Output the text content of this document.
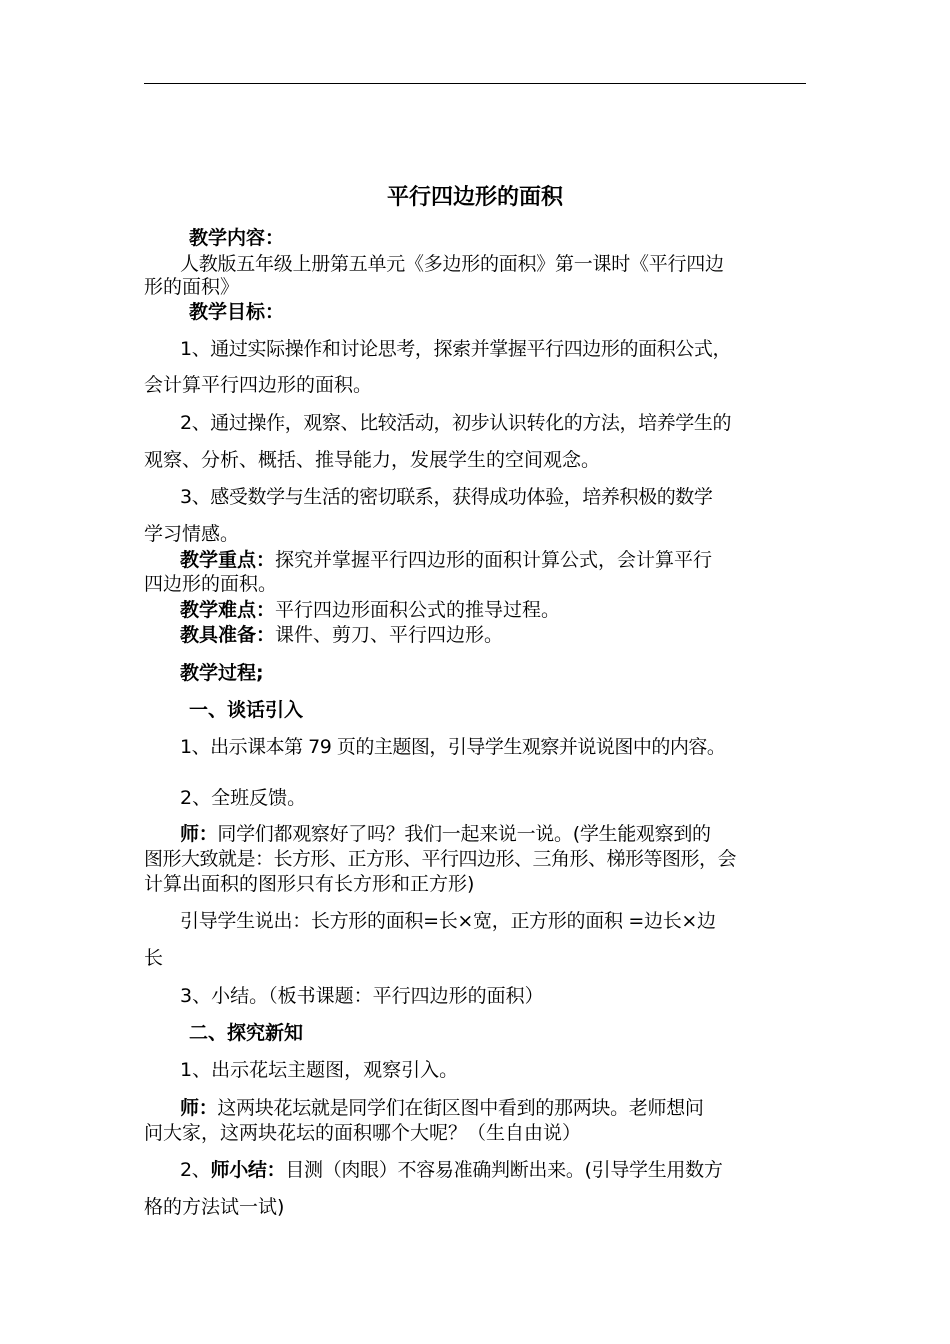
平行四边形的面积
教学内容：
人教版五年级上册第五单元《多边形的面积》第一课时《平行四边
形的面积》
教学目标：
1、通过实际操作和讨论思考，探索并掌握平行四边形的面积公式，
会计算平行四边形的面积。
2、通过操作，观察、比较活动，初步认识转化的方法，培养学生的
观察、分析、概括、推导能力，发展学生的空间观念。
3、感受数学与生活的密切联系，获得成功体验，培养积极的数学
学习情感。
教学重点：探究并掌握平行四边形的面积计算公式，会计算平行
四边形的面积。
教学难点：平行四边形面积公式的推导过程。
教具准备：课件、剪刀、平行四边形。
教学过程;
一、谈话引入
1、出示课本第 79 页的主题图，引导学生观察并说说图中的内容。
2、全班反馈。
师：同学们都观察好了吗？我们一起来说一说。(学生能观察到的
图形大致就是：长方形、正方形、平行四边形、三角形、梯形等图形，会
计算出面积的图形只有长方形和正方形)
引导学生说出：长方形的面积=长×宽，正方形的面积 =边长×边
长
3、小结。（板书课题：平行四边形的面积）
二、探究新知
1、出示花坛主题图，观察引入。
师：这两块花坛就是同学们在街区图中看到的那两块。老师想问
问大家，这两块花坛的面积哪个大呢？（生自由说）
2、师小结：目测（肉眼）不容易准确判断出来。(引导学生用数方
格的方法试一试)
